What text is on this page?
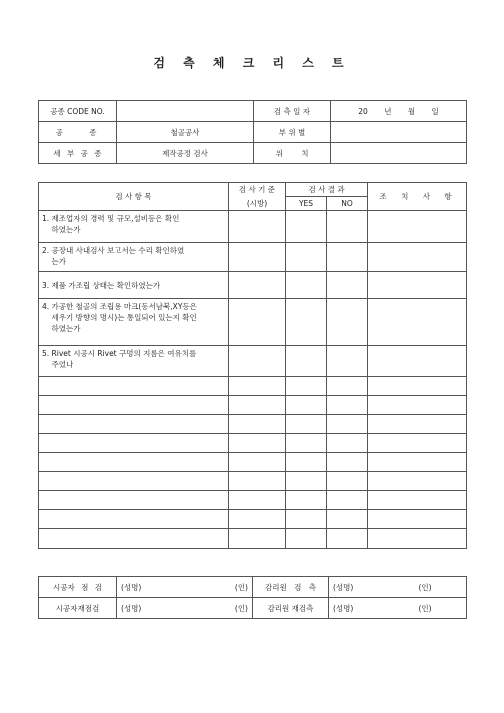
검 측 체 크 리 스 트
공종 CODE NO.		검 측 일 자	20 년 월 일
공 종	철골공사	부 위 별	
세 부 공 종	제작공정 검사	위 치	
검 사 항 목	검 사 기 준	검 사 결 과		조 치 사 항
	(시방)	YES	NO	
1. 제조업자의 경력 및 규모,설비등은 확인
하였는가				
2. 공장내 사내검사 보고서는 수리 확인하였
는가				
3. 제품 가조립 상태는 확인하였는가				
4. 가공한 철골의 조립용 마크(동서남북,XY등은
세우기 방향의 명시)는 통일되어 있는지 확인
하였는가				
5. Rivet 시공시 Rivet 구멍의 지름은 여유치를
주었나				

시공자 점 검	(성명)	(인)	감리원 검 측	(성명)	(인)
시공자재점검	(성명)	(인)	감리원 재검측	(성명)	(인)
